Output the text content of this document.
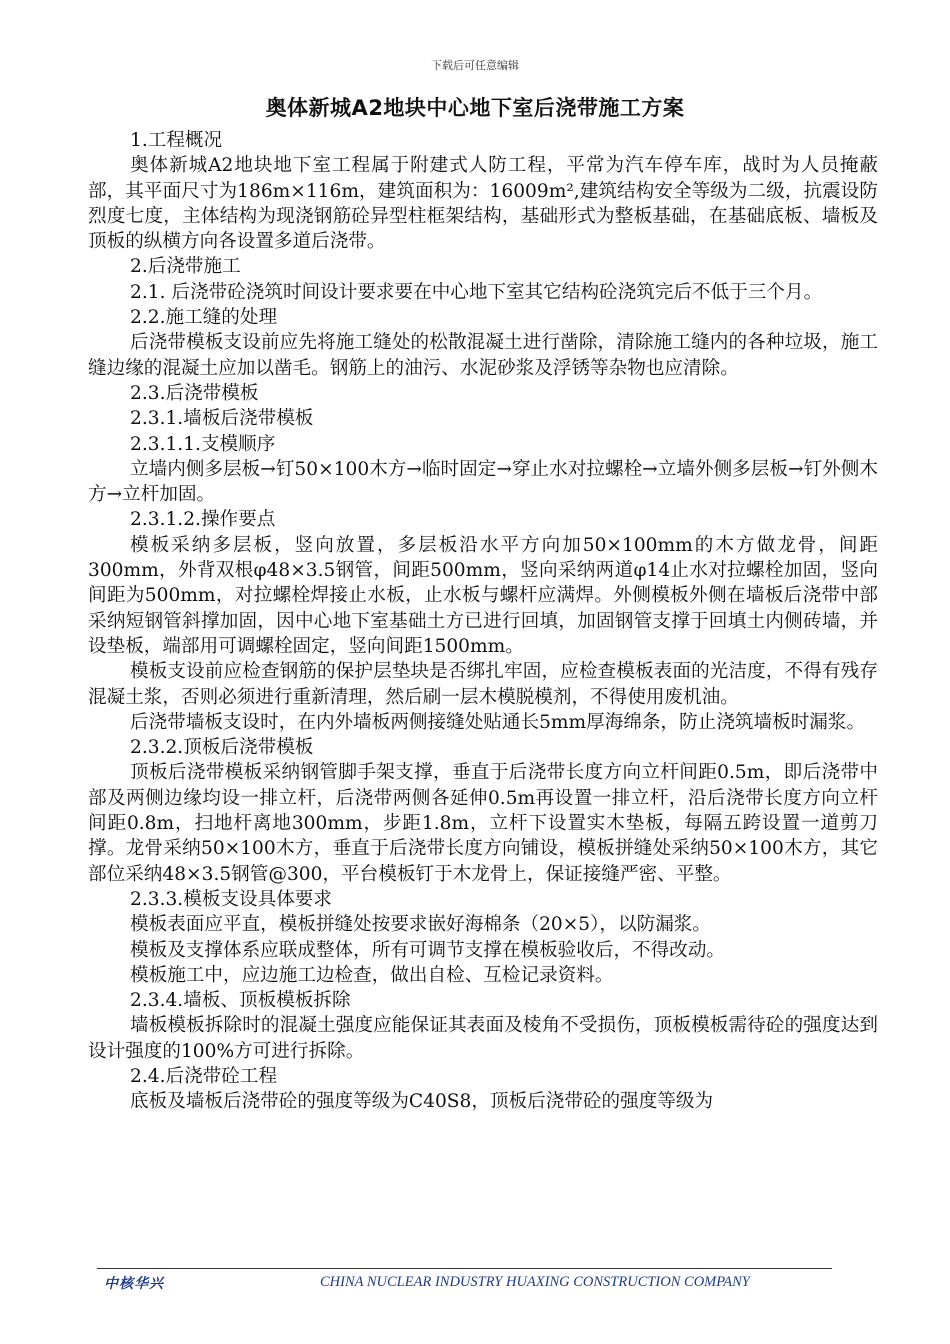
下载后可任意编辑
奥体新城A2地块中心地下室后浇带施工方案

1.工程概况

奥体新城A2地块地下室工程属于附建式人防工程，平常为汽车停车库，战时为人员掩蔽部，其平面尺寸为186m×116m，建筑面积为：16009m²,建筑结构安全等级为二级，抗震设防烈度七度，主体结构为现浇钢筋砼异型柱框架结构，基础形式为整板基础，在基础底板、墙板及顶板的纵横方向各设置多道后浇带。

2.后浇带施工

2.1. 后浇带砼浇筑时间设计要求要在中心地下室其它结构砼浇筑完后不低于三个月。

2.2.施工缝的处理

后浇带模板支设前应先将施工缝处的松散混凝土进行凿除，清除施工缝内的各种垃圾，施工缝边缘的混凝土应加以凿毛。钢筋上的油污、水泥砂浆及浮锈等杂物也应清除。

2.3.后浇带模板

2.3.1.墙板后浇带模板

2.3.1.1.支模顺序

立墙内侧多层板→钉50×100木方→临时固定→穿止水对拉螺栓→立墙外侧多层板→钉外侧木方→立杆加固。

2.3.1.2.操作要点

模板采纳多层板，竖向放置，多层板沿水平方向加50×100mm的木方做龙骨，间距300mm，外背双根φ48×3.5钢管，间距500mm，竖向采纳两道φ14止水对拉螺栓加固，竖向间距为500mm，对拉螺栓焊接止水板，止水板与螺杆应满焊。外侧模板外侧在墙板后浇带中部采纳短钢管斜撑加固，因中心地下室基础土方已进行回填，加固钢管支撑于回填土内侧砖墙，并设垫板，端部用可调螺栓固定，竖向间距1500mm。

模板支设前应检查钢筋的保护层垫块是否绑扎牢固，应检查模板表面的光洁度，不得有残存混凝土浆，否则必须进行重新清理，然后刷一层木模脱模剂，不得使用废机油。

后浇带墙板支设时，在内外墙板两侧接缝处贴通长5mm厚海绵条，防止浇筑墙板时漏浆。

2.3.2.顶板后浇带模板

顶板后浇带模板采纳钢管脚手架支撑，垂直于后浇带长度方向立杆间距0.5m，即后浇带中部及两侧边缘均设一排立杆，后浇带两侧各延伸0.5m再设置一排立杆，沿后浇带长度方向立杆间距0.8m，扫地杆离地300mm，步距1.8m，立杆下设置实木垫板，每隔五跨设置一道剪刀撑。龙骨采纳50×100木方，垂直于后浇带长度方向铺设，模板拼缝处采纳50×100木方，其它部位采纳48×3.5钢管@300，平台模板钉于木龙骨上，保证接缝严密、平整。

2.3.3.模板支设具体要求

模板表面应平直，模板拼缝处按要求嵌好海棉条（20×5），以防漏浆。

模板及支撑体系应联成整体，所有可调节支撑在模板验收后，不得改动。

模板施工中，应边施工边检查，做出自检、互检记录资料。

2.3.4.墙板、顶板模板拆除

墙板模板拆除时的混凝土强度应能保证其表面及棱角不受损伤，顶板模板需待砼的强度达到设计强度的100%方可进行拆除。

2.4.后浇带砼工程

底板及墙板后浇带砼的强度等级为C40S8，顶板后浇带砼的强度等级为

中核华兴	CHINA NUCLEAR INDUSTRY HUAXING CONSTRUCTION COMPANY
